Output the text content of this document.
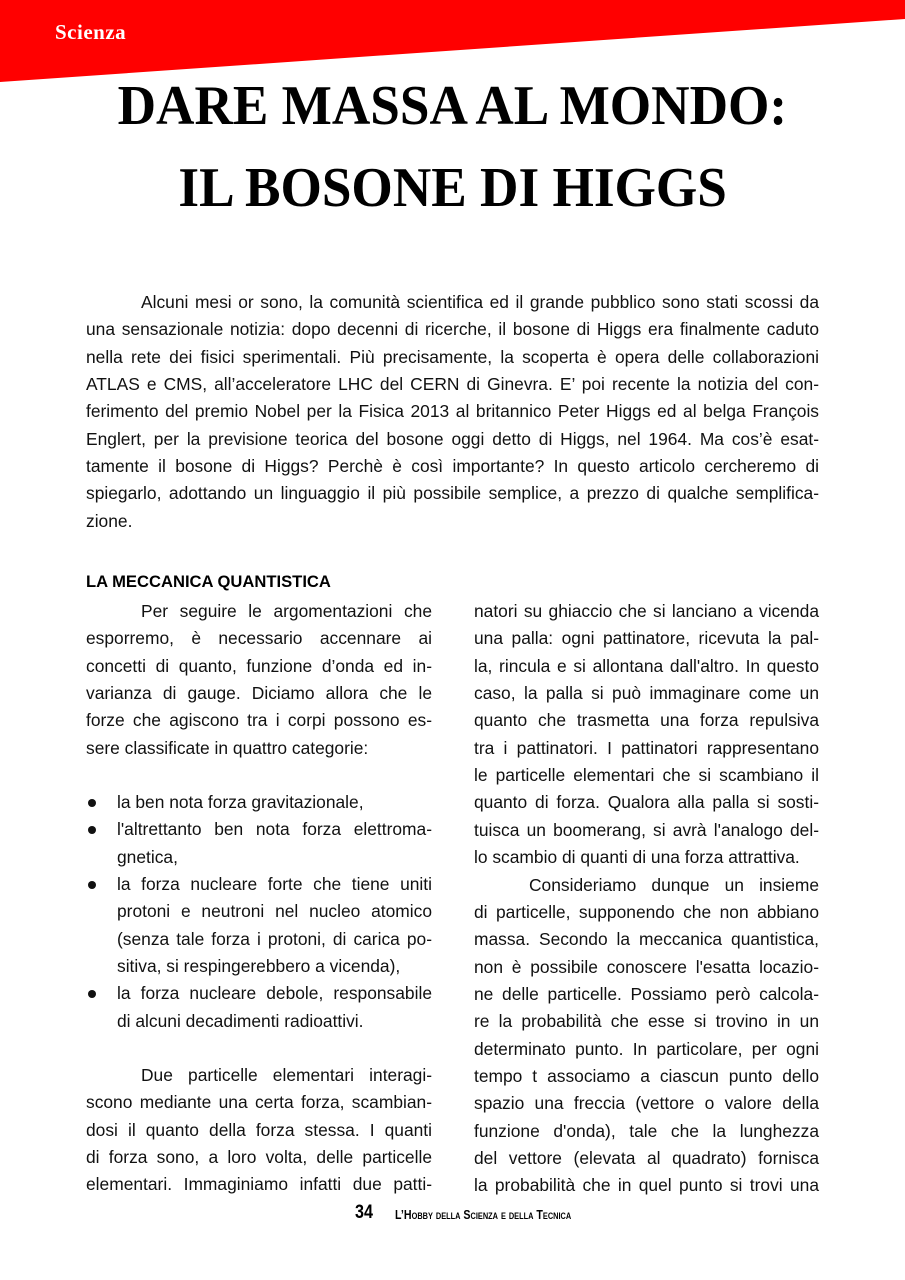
Scienza
DARE MASSA AL MONDO:
IL BOSONE DI HIGGS
Alcuni mesi or sono, la comunità scientifica ed il grande pubblico sono stati scossi da
una sensazionale notizia: dopo decenni di ricerche, il bosone di Higgs era finalmente caduto
nella rete dei fisici sperimentali. Più precisamente, la scoperta è opera delle collaborazioni
ATLAS e CMS, all’acceleratore LHC del CERN di Ginevra. E’ poi recente la notizia del con-
ferimento del premio Nobel per la Fisica 2013 al britannico Peter Higgs ed al belga François
Englert, per la previsione teorica del bosone oggi detto di Higgs, nel 1964. Ma cos’è esat-
tamente il bosone di Higgs? Perchè è così importante? In questo articolo cercheremo di
spiegarlo, adottando un linguaggio il più possibile semplice, a prezzo di qualche semplifica-
zione.
LA MECCANICA QUANTISTICA
Per seguire le argomentazioni che
esporremo, è necessario accennare ai
concetti di quanto, funzione d’onda ed in-
varianza di gauge. Diciamo allora che le
forze che agiscono tra i corpi possono es-
sere classificate in quattro categorie:
la ben nota forza gravitazionale,
l'altrettanto ben nota forza elettroma-
gnetica,
la forza nucleare forte che tiene uniti
protoni e neutroni nel nucleo atomico
(senza tale forza i protoni, di carica po-
sitiva, si respingerebbero a vicenda),
la forza nucleare debole, responsabile
di alcuni decadimenti radioattivi.
Due particelle elementari interagi-
scono mediante una certa forza, scambian-
dosi il quanto della forza stessa. I quanti
di forza sono, a loro volta, delle particelle
elementari. Immaginiamo infatti due patti-
natori su ghiaccio che si lanciano a vicenda
una palla: ogni pattinatore, ricevuta la pal-
la, rincula e si allontana dall'altro. In questo
caso, la palla si può immaginare come un
quanto che trasmetta una forza repulsiva
tra i pattinatori. I pattinatori rappresentano
le particelle elementari che si scambiano il
quanto di forza. Qualora alla palla si sosti-
tuisca un boomerang, si avrà l'analogo del-
lo scambio di quanti di una forza attrattiva.
Consideriamo dunque un insieme
di particelle, supponendo che non abbiano
massa. Secondo la meccanica quantistica,
non è possibile conoscere l'esatta locazio-
ne delle particelle. Possiamo però calcola-
re la probabilità che esse si trovino in un
determinato punto. In particolare, per ogni
tempo t associamo a ciascun punto dello
spazio una freccia (vettore o valore della
funzione d'onda), tale che la lunghezza
del vettore (elevata al quadrato) fornisca
la probabilità che in quel punto si trovi una
34 L’Hobby della Scienza e della Tecnica
